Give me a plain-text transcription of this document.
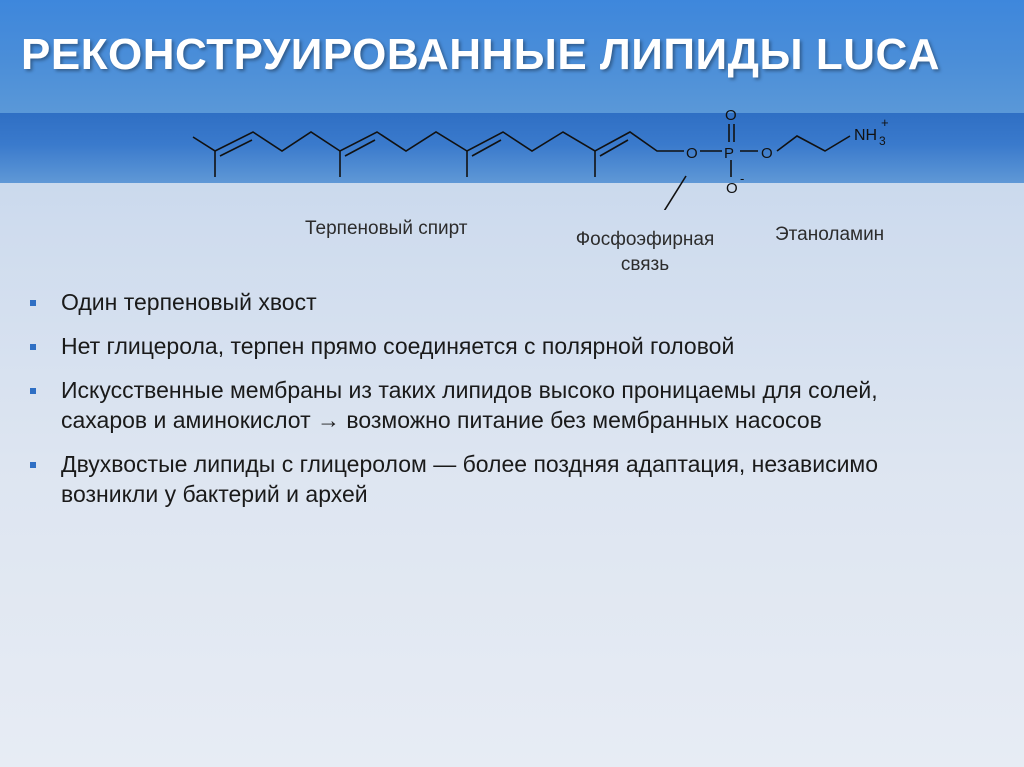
РЕКОНСТРУИРОВАННЫЕ ЛИПИДЫ LUCA
O P O
O
O
-
NH 3
+
Терпеновый спирт
Фосфоэфирная
связь
Этаноламин
Один терпеновый хвост
Нет глицерола, терпен прямо соединяется с полярной головой
Искусственные мембраны из таких липидов высоко проницаемы для солей,
сахаров и аминокислот → возможно питание без мембранных насосов
Двухвостые липиды с глицеролом — более поздняя адаптация, независимо
возникли у бактерий и архей
